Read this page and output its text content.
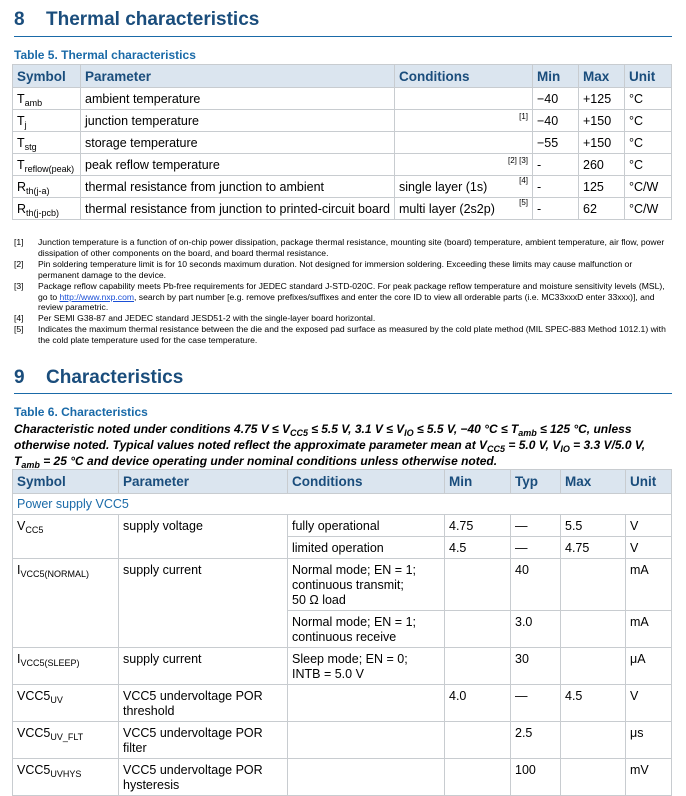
8 Thermal characteristics
Table 5. Thermal characteristics
Symbol	Parameter	Conditions	Min	Max	Unit
$T_{amb}$	ambient temperature		−40	+125	°C
$T_j$	junction temperature	[1]	−40	+150	°C
$T_{stg}$	storage temperature		−55	+150	°C
$T_{reflow(peak)}$	peak reflow temperature	[2] [3]	-	260	°C
$R_{th(j-a)}$	thermal resistance from junction to ambient	single layer (1s) [4]	-	125	°C/W
$R_{th(j-pcb)}$	thermal resistance from junction to printed-circuit board	multi layer (2s2p) [5]	-	62	°C/W
[1] Junction temperature is a function of on-chip power dissipation, package thermal resistance, mounting site (board) temperature, ambient temperature, air flow, power dissipation of other components on the board, and board thermal resistance.
[2] Pin soldering temperature limit is for 10 seconds maximum duration. Not designed for immersion soldering. Exceeding these limits may cause malfunction or permanent damage to the device.
[3] Package reflow capability meets Pb-free requirements for JEDEC standard J-STD-020C. For peak package reflow temperature and moisture sensitivity levels (MSL), go to http://www.nxp.com, search by part number [e.g. remove prefixes/suffixes and enter the core ID to view all orderable parts (i.e. MC33xxxD enter 33xxx)], and review parametric.
[4] Per SEMI G38-87 and JEDEC standard JESD51-2 with the single-layer board horizontal.
[5] Indicates the maximum thermal resistance between the die and the exposed pad surface as measured by the cold plate method (MIL SPEC-883 Method 1012.1) with the cold plate temperature used for the case temperature.
9 Characteristics
Table 6. Characteristics
Characteristic noted under conditions 4.75 $V \le V_{CC5} \le 5.5$ V, 3.1 $V \le V_{IO} \le 5.5$ V, −40 $^\circ C \le T_{amb} \le 125$ °C, unless otherwise noted. Typical values noted reflect the approximate parameter mean at $V_{CC5} = 5.0$ V, $V_{IO} = 3.3$ V/5.0 V, $T_{amb} = 25$ °C and device operating under nominal conditions unless otherwise noted.
Symbol	Parameter	Conditions	Min	Typ	Max	Unit
Power supply VCC5						
$V_{CC5}$	supply voltage	fully operational	4.75	—	5.5	V
		limited operation	4.5	—	4.75	V
$I_{VCC5(NORMAL)}$	supply current	Normal mode; EN = 1;
continuous transmit;
50 Ω load		40		mA

		Normal mode; EN = 1;
continuous receive		3.0		mA
$I_{VCC5(SLEEP)}$	supply current	Sleep mode; EN = 0;
INTB = 5.0 V		30		μA
$VCC5_{UV}$	VCC5 undervoltage POR
threshold		4.0	—	4.5	V
$VCC5_{UV\_FLT}$	VCC5 undervoltage POR filter			2.5		μs
$VCC5_{UVHYS}$	VCC5 undervoltage POR
hysteresis			100		mV
